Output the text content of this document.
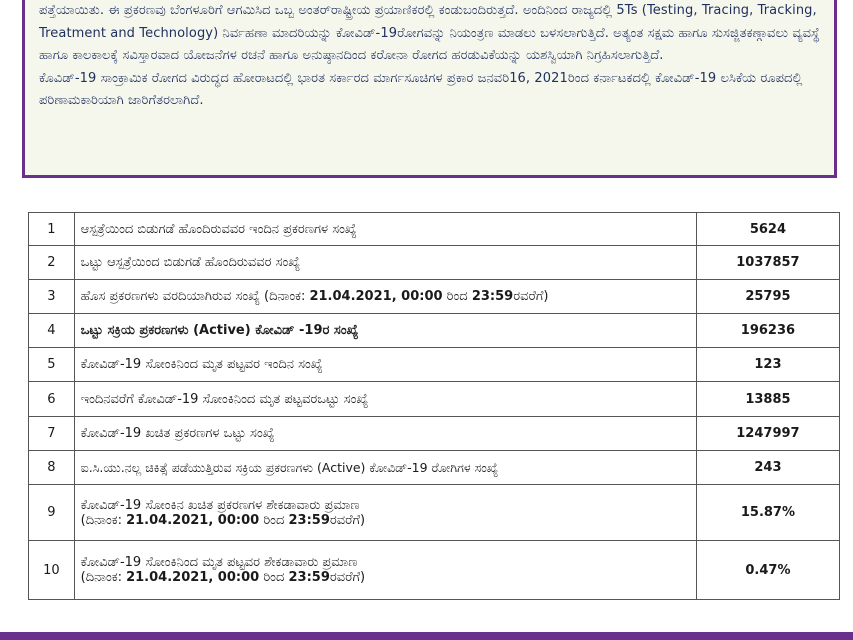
ಪತ್ತೆಯಾಯಿತು. ಈ ಪ್ರಕರಣವು ಬೆಂಗಳೂರಿಗೆ ಆಗಮಿಸಿದ ಒಬ್ಬ ಅಂತರ್‌ರಾಷ್ಟ್ರೀಯ ಪ್ರಯಾಣಿಕರಲ್ಲಿ ಕಂಡುಬಂದಿರುತ್ತದೆ. ಅಂದಿನಿಂದ ರಾಜ್ಯದಲ್ಲಿ 5Ts (Testing, Tracing, Tracking, Treatment and Technology) ನಿರ್ವಹಣಾ ಮಾದರಿಯನ್ನು ಕೋವಿಡ್-19ರೋಗವನ್ನು ನಿಯಂತ್ರಣ ಮಾಡಲು ಬಳಸಲಾಗುತ್ತಿದೆ. ಅತ್ಯಂತ ಸಕ್ಷಮ ಹಾಗೂ ಸುಸಜ್ಜಿತಕಣ್ಗಾವಲು ವ್ಯವಸ್ಥೆ ಹಾಗೂ ಕಾಲಕಾಲಕ್ಕೆ ಸವಿಸ್ತಾರವಾದ ಯೋಜನೆಗಳ ರಚನೆ ಹಾಗೂ ಅನುಷ್ಠಾನದಿಂದ ಕರೋನಾ ರೋಗದ ಹರಡುವಿಕೆಯನ್ನು ಯಶಸ್ವಿಯಾಗಿ ನಿಗ್ರಹಿಸಲಾಗುತ್ತಿದೆ.

ಕೊವಿಡ್-19 ಸಾಂಕ್ರಾಮಿಕ ರೋಗದ ವಿರುದ್ಧದ ಹೋರಾಟದಲ್ಲಿ ಭಾರತ ಸರ್ಕಾರದ ಮಾರ್ಗಸೂಚಿಗಳ ಪ್ರಕಾರ ಜನವರಿ16, 2021ರಿಂದ ಕರ್ನಾಟಕದಲ್ಲಿ ಕೋವಿಡ್-19 ಲಸಿಕೆಯ ರೂಪದಲ್ಲಿ ಪರಿಣಾಮಕಾರಿಯಾಗಿ ಜಾರಿಗೆತರಲಾಗಿದೆ.

1	ಆಸ್ಪತ್ರೆಯಿಂದ ಬಿಡುಗಡೆ ಹೊಂದಿರುವವರ ಇಂದಿನ ಪ್ರಕರಣಗಳ ಸಂಖ್ಯೆ	5624
2	ಒಟ್ಟು ಆಸ್ಪತ್ರೆಯಿಂದ ಬಿಡುಗಡೆ ಹೊಂದಿರುವವರ ಸಂಖ್ಯೆ	1037857
3	ಹೊಸ ಪ್ರಕರಣಗಳು ವರದಿಯಾಗಿರುವ ಸಂಖ್ಯೆ (ದಿನಾಂಕ: 21.04.2021, 00:00 ರಿಂದ 23:59ರವರೆಗೆ)	25795
4	ಒಟ್ಟು ಸಕ್ರಿಯ ಪ್ರಕರಣಗಳು (Active) ಕೋವಿಡ್ -19ರ ಸಂಖ್ಯೆ	196236
5	ಕೋವಿಡ್-19 ಸೋಂಕಿನಿಂದ ಮೃತ ಪಟ್ಟವರ ಇಂದಿನ ಸಂಖ್ಯೆ	123
6	ಇಂದಿನವರೆಗೆ ಕೋವಿಡ್-19 ಸೋಂಕಿನಿಂದ ಮೃತ ಪಟ್ಟವರಒಟ್ಟು ಸಂಖ್ಯೆ	13885
7	ಕೋವಿಡ್-19 ಖಚಿತ ಪ್ರಕರಣಗಳ ಒಟ್ಟು ಸಂಖ್ಯೆ	1247997
8	ಐ.ಸಿ.ಯು.ನಲ್ಲ ಚಿಕಿತ್ಸೆ ಪಡೆಯುತ್ತಿರುವ ಸಕ್ರಿಯ ಪ್ರಕರಣಗಳು (Active) ಕೋವಿಡ್-19 ರೋಗಿಗಳ ಸಂಖ್ಯೆ	243
9	ಕೋವಿಡ್-19 ಸೋಂಕಿನ ಖಚಿತ ಪ್ರಕರಣಗಳ ಶೇಕಡಾವಾರು ಪ್ರಮಾಣ
(ದಿನಾಂಕ: 21.04.2021, 00:00 ರಿಂದ 23:59ರವರೆಗೆ)	15.87%
10	ಕೋವಿಡ್-19 ಸೋಂಕಿನಿಂದ ಮೃತ ಪಟ್ಟವರ ಶೇಕಡಾವಾರು ಪ್ರಮಾಣ
(ದಿನಾಂಕ: 21.04.2021, 00:00 ರಿಂದ 23:59ರವರೆಗೆ)	0.47%
